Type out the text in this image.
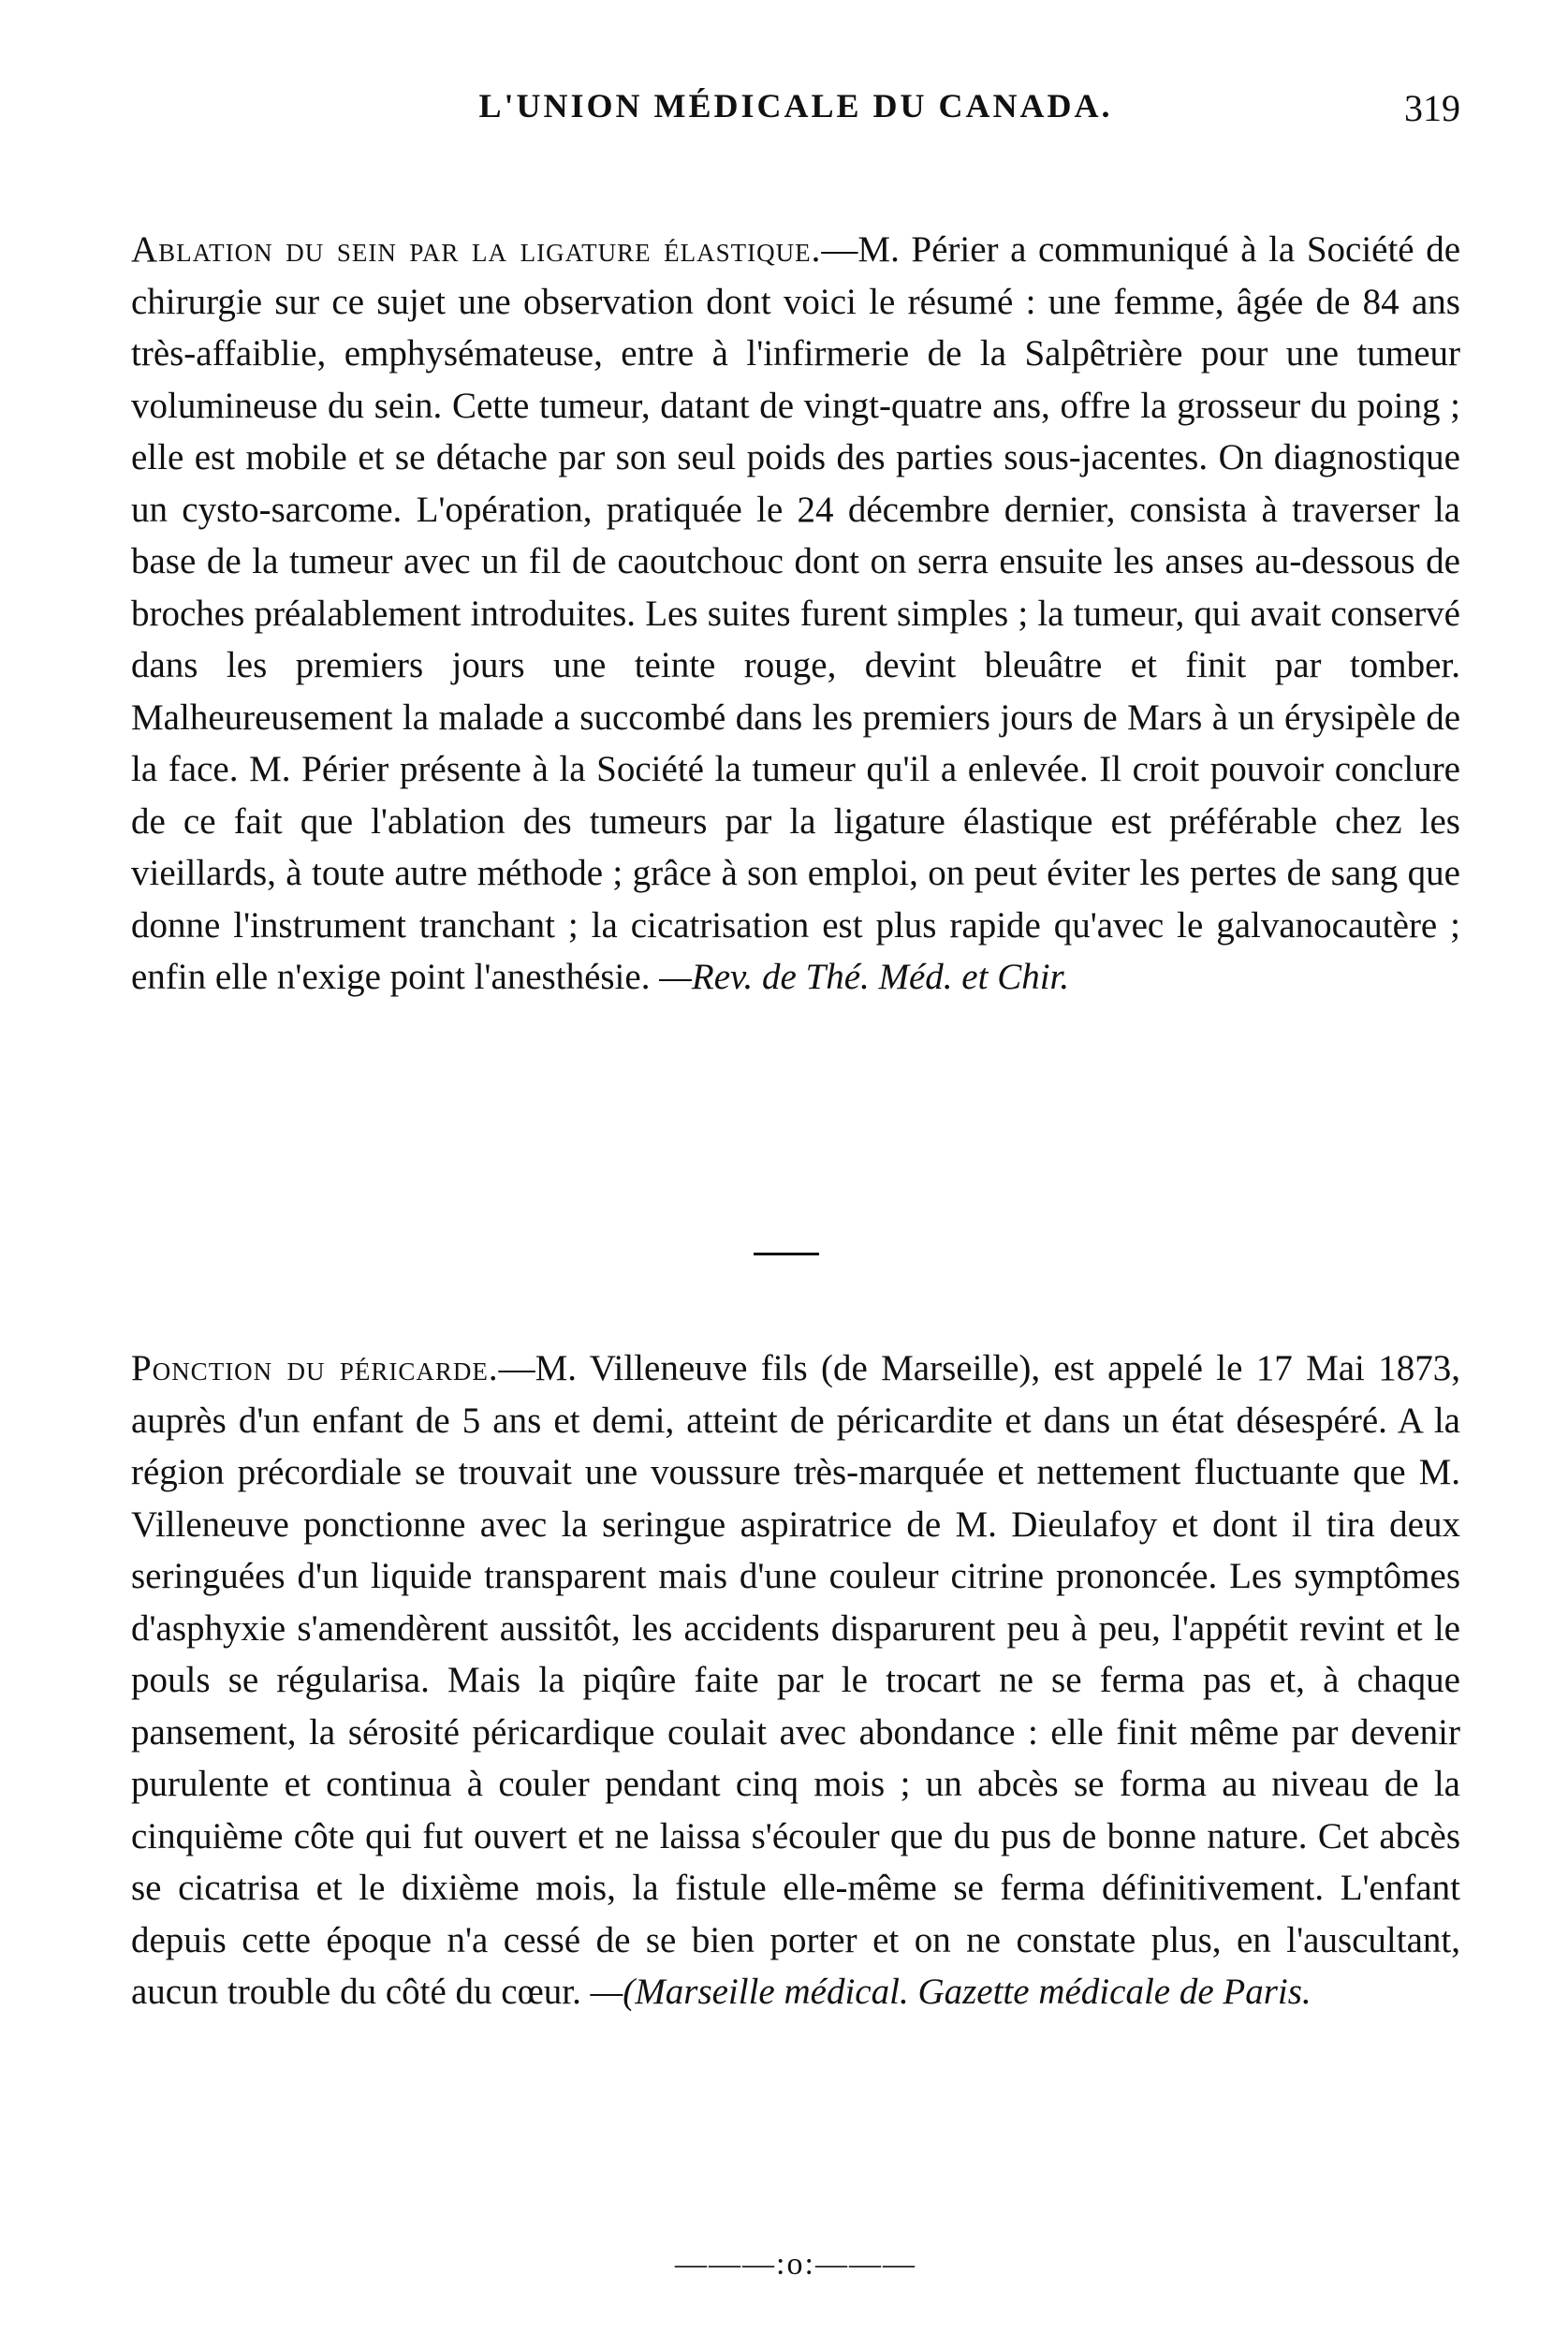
L'UNION MÉDICALE DU CANADA.	319

Ablation du sein par la ligature élastique.—M. Périer a communiqué à la Société de chirurgie sur ce sujet une observation dont voici le résumé : une femme, âgée de 84 ans très-affaiblie, emphysémateuse, entre à l'infirmerie de la Salpêtrière pour une tumeur volumineuse du sein. Cette tumeur, datant de vingt-quatre ans, offre la grosseur du poing ; elle est mobile et se détache par son seul poids des parties sous-jacentes. On diagnostique un cysto-sarcome. L'opération, pratiquée le 24 décembre dernier, consista à traverser la base de la tumeur avec un fil de caoutchouc dont on serra ensuite les anses au-dessous de broches préalablement introduites. Les suites furent simples ; la tumeur, qui avait conservé dans les premiers jours une teinte rouge, devint bleuâtre et finit par tomber. Malheureusement la malade a succombé dans les premiers jours de Mars à un érysipèle de la face. M. Périer présente à la Société la tumeur qu'il a enlevée. Il croit pouvoir conclure de ce fait que l'ablation des tumeurs par la ligature élastique est préférable chez les vieillards, à toute autre méthode ; grâce à son emploi, on peut éviter les pertes de sang que donne l'instrument tranchant ; la cicatrisation est plus rapide qu'avec le galvanocautère ; enfin elle n'exige point l'anesthésie. —Rev. de Thé. Méd. et Chir.

Ponction du péricarde.—M. Villeneuve fils (de Marseille), est appelé le 17 Mai 1873, auprès d'un enfant de 5 ans et demi, atteint de péricardite et dans un état désespéré. A la région précordiale se trouvait une voussure très-marquée et nettement fluctuante que M. Villeneuve ponctionne avec la seringue aspiratrice de M. Dieulafoy et dont il tira deux seringuées d'un liquide transparent mais d'une couleur citrine prononcée. Les symptômes d'asphyxie s'amendèrent aussitôt, les accidents disparurent peu à peu, l'appétit revint et le pouls se régularisa. Mais la piqûre faite par le trocart ne se ferma pas et, à chaque pansement, la sérosité péricardique coulait avec abondance : elle finit même par devenir purulente et continua à couler pendant cinq mois ; un abcès se forma au niveau de la cinquième côte qui fut ouvert et ne laissa s'écouler que du pus de bonne nature. Cet abcès se cicatrisa et le dixième mois, la fistule elle-même se ferma définitivement. L'enfant depuis cette époque n'a cessé de se bien porter et on ne constate plus, en l'auscultant, aucun trouble du côté du cœur. —(Marseille médical. Gazette médicale de Paris.

———:o:———
